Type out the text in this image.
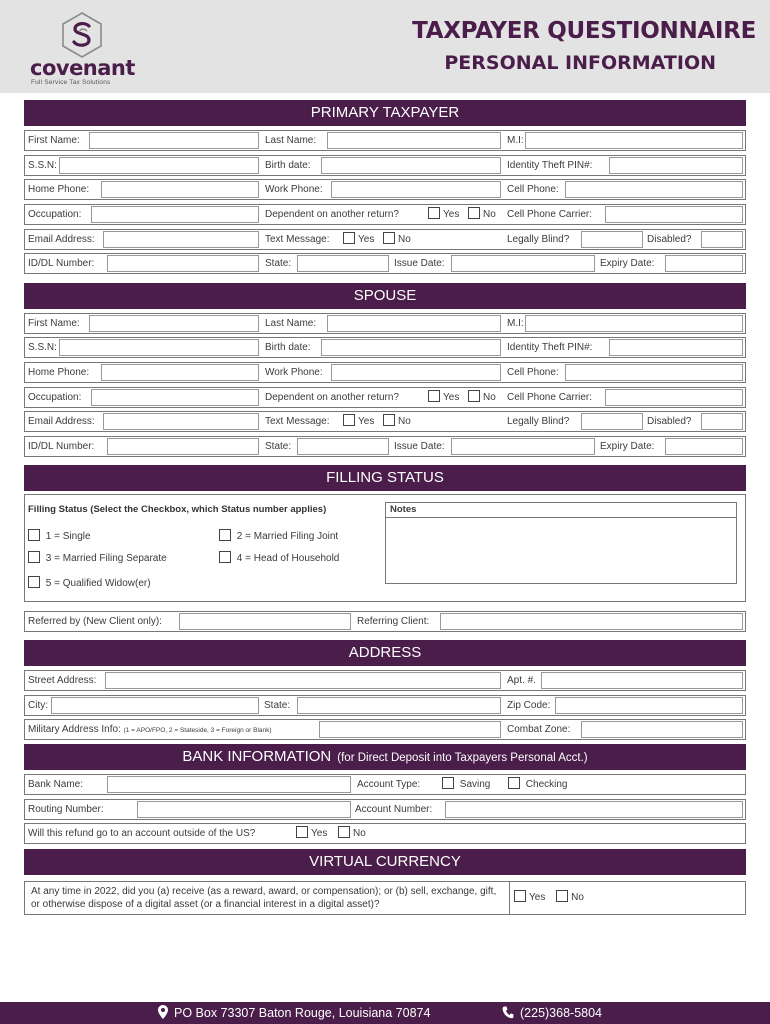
covenant
Full Service Tax Solutions
TAXPAYER QUESTIONNAIRE
PERSONAL INFORMATION
PRIMARY TAXPAYER
First Name:	Last Name:	M.I:
S.S.N:	Birth date:	Identity Theft PIN#:
Home Phone:	Work Phone:	Cell Phone:
Occupation:	Dependent on another return?	Yes	No	Cell Phone Carrier:
Email Address:	Text Message:	Yes	No	Legally Blind?	Disabled?
ID/DL Number:	State:	Issue Date:	Expiry Date:
SPOUSE
First Name:	Last Name:	M.I:
S.S.N:	Birth date:	Identity Theft PIN#:
Home Phone:	Work Phone:	Cell Phone:
Occupation:	Dependent on another return?	Yes	No	Cell Phone Carrier:
Email Address:	Text Message:	Yes	No	Legally Blind?	Disabled?
ID/DL Number:	State:	Issue Date:	Expiry Date:
FILLING STATUS
Filling Status (Select the Checkbox, which Status number applies)
1 = Single	2 = Married Filing Joint
3 = Married Filing Separate	4 = Head of Household
5 = Qualified Widow(er)
Notes
Referred by (New Client only):	Referring Client:
ADDRESS
Street Address:	Apt. #.
City:	State:	Zip Code:
Military Address Info: (1 = APO/FPO, 2 = Stateside, 3 = Foreign or Blank)	Combat Zone:
BANK INFORMATION (for Direct Deposit into Taxpayers Personal Acct.)
Bank Name:	Account Type:	Saving	Checking
Routing Number:	Account Number:
Will this refund go to an account outside of the US?	Yes	No
VIRTUAL CURRENCY
At any time in 2022, did you (a) receive (as a reward, award, or compensation); or (b) sell, exchange, gift, or otherwise dispose of a digital asset (or a financial interest in a digital asset)?
Yes	No
PO Box 73307 Baton Rouge, Louisiana 70874	(225)368-5804
